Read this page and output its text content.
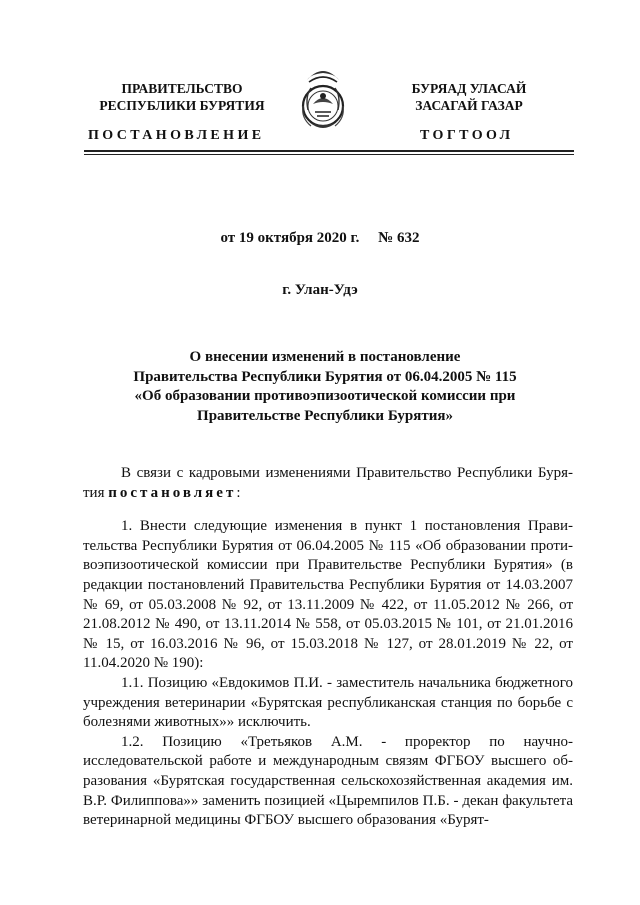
ПРАВИТЕЛЬСТВО
РЕСПУБЛИКИ БУРЯТИЯ
БУРЯАД УЛАСАЙ
ЗАСАГАЙ ГАЗАР
ПОСТАНОВЛЕНИЕ	ТОГТООЛ
от 19 октября 2020 г. № 632
г. Улан-Удэ
О внесении изменений в постановление
Правительства Республики Бурятия от 06.04.2005 № 115
«Об образовании противоэпизоотической комиссии при
Правительстве Республики Бурятия»

В связи с кадровыми изменениями Правительство Республики Бурятия постановляет:

1. Внести следующие изменения в пункт 1 постановления Правительства Республики Бурятия от 06.04.2005 № 115 «Об образовании противоэпизоотической комиссии при Правительстве Республики Бурятия» (в редакции постановлений Правительства Республики Бурятия от 14.03.2007 № 69, от 05.03.2008 № 92, от 13.11.2009 № 422, от 11.05.2012 № 266, от 21.08.2012 № 490, от 13.11.2014 № 558, от 05.03.2015 № 101, от 21.01.2016 № 15, от 16.03.2016 № 96, от 15.03.2018 № 127, от 28.01.2019 № 22, от 11.04.2020 № 190):

1.1. Позицию «Евдокимов П.И. - заместитель начальника бюджетного учреждения ветеринарии «Бурятская республиканская станция по борьбе с болезнями животных»» исключить.

1.2. Позицию «Третьяков А.М. - проректор по научно-исследовательской работе и международным связям ФГБОУ высшего образования «Бурятская государственная сельскохозяйственная академия им. В.Р. Филиппова»» заменить позицией «Цыремпилов П.Б. - декан факультета ветеринарной медицины ФГБОУ высшего образования «Бурят-
